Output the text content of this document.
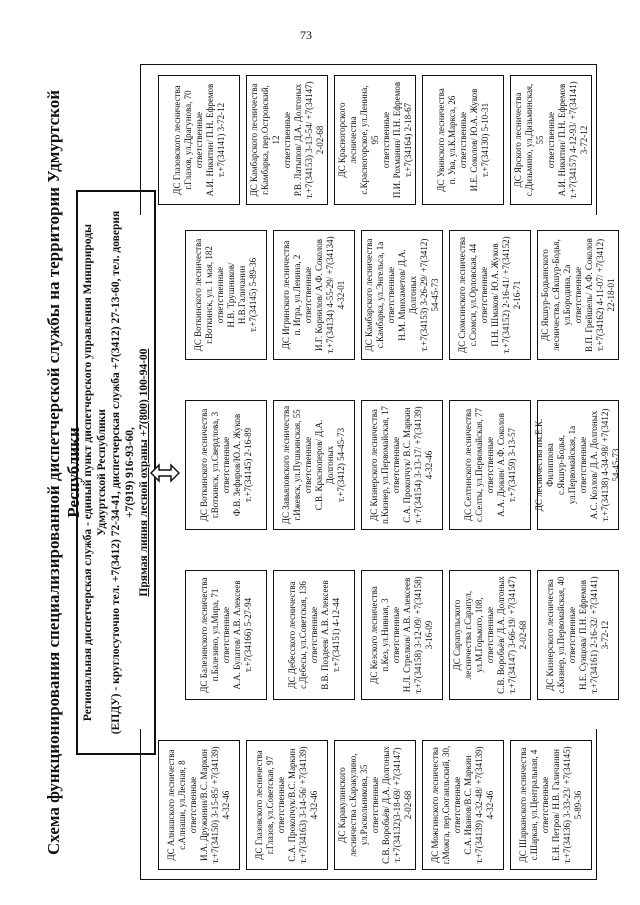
73
Схема функционирования специализированной диспетчерской службы на территории Удмуртской Республики Региональная диспетчерская служба - единый пункт диспетчерского управления Минприроды Удмуртской Республики (ЕПДУ) - круглосуточно тел. +7(3412) 72-34-41, диспетчерская служба +7(3412) 27-13-60, тел. доверия +7(919) 916-93-60, Прямая линия лесной охраны +7(800) 100-94-00
ДС Алнашского лесничества с.Алнаши, ул.Лесная, 8 ответственные И.А. Дружинин/В.С. Маркин т.+7(34150) 3-15-85/ +7(34139) 4-32-46	ДС Глазовского лесничества г.Глазов, ул.Советская, 97 ответственные С.А. Прокопчук/В.С. Маркин т.+7(34163) 3-14-56/ +7(34139) 4-32-46 ДС Каракулинского лесничества с.Каракулино, ул.Раскольникова, 35 ответственные С.В. Воробьёв/ Д.А. Долгоных т.+7(34132)3-18-69/ +7(34147) 2-02-68 ДС Можгинского лесничества г.Можга, пер.Сюгаильский, 30, ответственные С.А. Иванов/В.С. Маркин т.+7(34139) 4-32-48/ +7(34139) 4-32-46	ДС Шарканского лесничества с.Шаркан, ул.Центральная, 4 ответственные Е.Н. Петров/ Н.В. Галичанин т.+7(34136) 3-33-23/ +7(34145) 5-89-36
ДС Балезинского лесничества п.Балезино, ул.Мира, 71 ответственные А.А. Булатов/ А.В. Алексеев т.+7(34166) 5-27-94	ДС Дебесского лесничества с.Дебесы, ул.Советская, 136 ответственные В.В. Поздеев/ А.В. Алексеев т.+7(34151) 4-12-44	ДС Кезского лесничества п.Кез, ул.Нивная, 3 ответственные Н.Л. Стрелков/ А.В. Алексеев т.+7(34158) 3-12-09/ +7(34158) 3-16-09 ДС Сарапульского лесничества г.Сарапул, ул.М.Горького, 108, ответственные С.В. Воробьёв/ Д.А. Долгоных т.+7(34147) 3-66-19/ +7(34147) 2-02-68 ДС Кизнерского лесничества с.Кизнер, ул.Первомайская, 40 ответственные Н.Е. Сунцова/ П.Н. Ефремов т.+7(34161) 2-16-32/ +7(34141) 3-72-12
ДС Воткинского лесничества г.Воткинск, ул.Свердлова, 3 ответственные Ф.В. Зефиров/Ю.А. Жуков т.+7(34145) 2-16-89	ДС Завьяловского лесничества г.Ижевск, ул.Пушкинская, 55 ответственные С.В. Красноперов/ Д.А. Долгоных т.+7(3412) 54-45-73	ДС Кизнерского лесничества п.Кизнер, ул.Первомайская, 17 ответственные С.А. Прокопчук/ В.С. Маркин т.+7(34154) 3-13-17/ +7(34139) 4-32-46	ДС Селтинского лесничества с.Селты, ул.Первомайская, 77 ответственные А.А. Дюкин/ А.Ф. Соколов т.+7(34159) 3-13-57 ДС лесничества им.Е.К. Филиппова с.Якшур-Бодья, ул.Первомайская, 1а ответственные А.С. Козлов/ Д.А. Долгоных т.+7(34138) 4-34-98/ +7(3412) 54-45-73
ДС Воткинского лесничества г.Воткинск, ул. 1 мая, 182 ответственные Н.В. Трушников/ Н.В.Галичанин т.+7(34145) 5-89-36	ДС Игринского лесничества п. Игра, ул.Ленина, 2 ответственные И.Г. Корнилов/ А.Ф. Соколов т.+7(34134) 4-55-29/ +7(34134) 4-32-01 ДС Камбарского лесничества с.Камбарка, ул.Энгельса, 1а ответственные Н.М. Минхаметов/ Д.А. Долгоных т.+7(34153) 3-26-29/ +7(3412) 54-45-73 ДС Сюмсинского лесничества с.Сюмси, ул.Орловская, 44 ответственные П.Н. Шмаков/ Ю.А. Жуков т.+7(34152) 2-16-41/ +7(34152) 2-16-71 ДС Якшур-Бодьинского лесничества, с.Якшур-Бодья, ул.Бородина, 2а ответственные В.П. Грейшель/ А.Ф. Соколов т.+7(34162) 4-11-07/ +7(3412) 22-18-01
ДС Глазовского лесничества г.Глазов, ул.Драгунова, 70 ответственные А.И. Никитин/ П.Н. Ефремов т.+7(34141) 3-72-12	ДС Камбарского лесничества г.Камбарка, пер.Островский, 12 ответственные Р.В. Латыпов/ Д.А. Долгоных т.+7(34153) 3-13-54/ +7(34147) 2-02-68 ДС Красногорского лесничества с.Красногорское, ул.Ленина, 95 ответственные П.И. Рохманин/ П.Н. Ефремов т.+7(34164) 2-18-67	ДС Увинского лесничества п. Ува, ул.К.Маркса, 26 ответственные И.Е. Соколов/ Ю.А. Жуков т.+7(34130) 5-10-31	ДС Ярского лесничества с.Дизьмино, ул.Дизьминская, 55 ответственные А.И. Никитин/ П.Н. Ефремов т.+7(34157) 4-12-93/ +7(34141) 3-72-12
